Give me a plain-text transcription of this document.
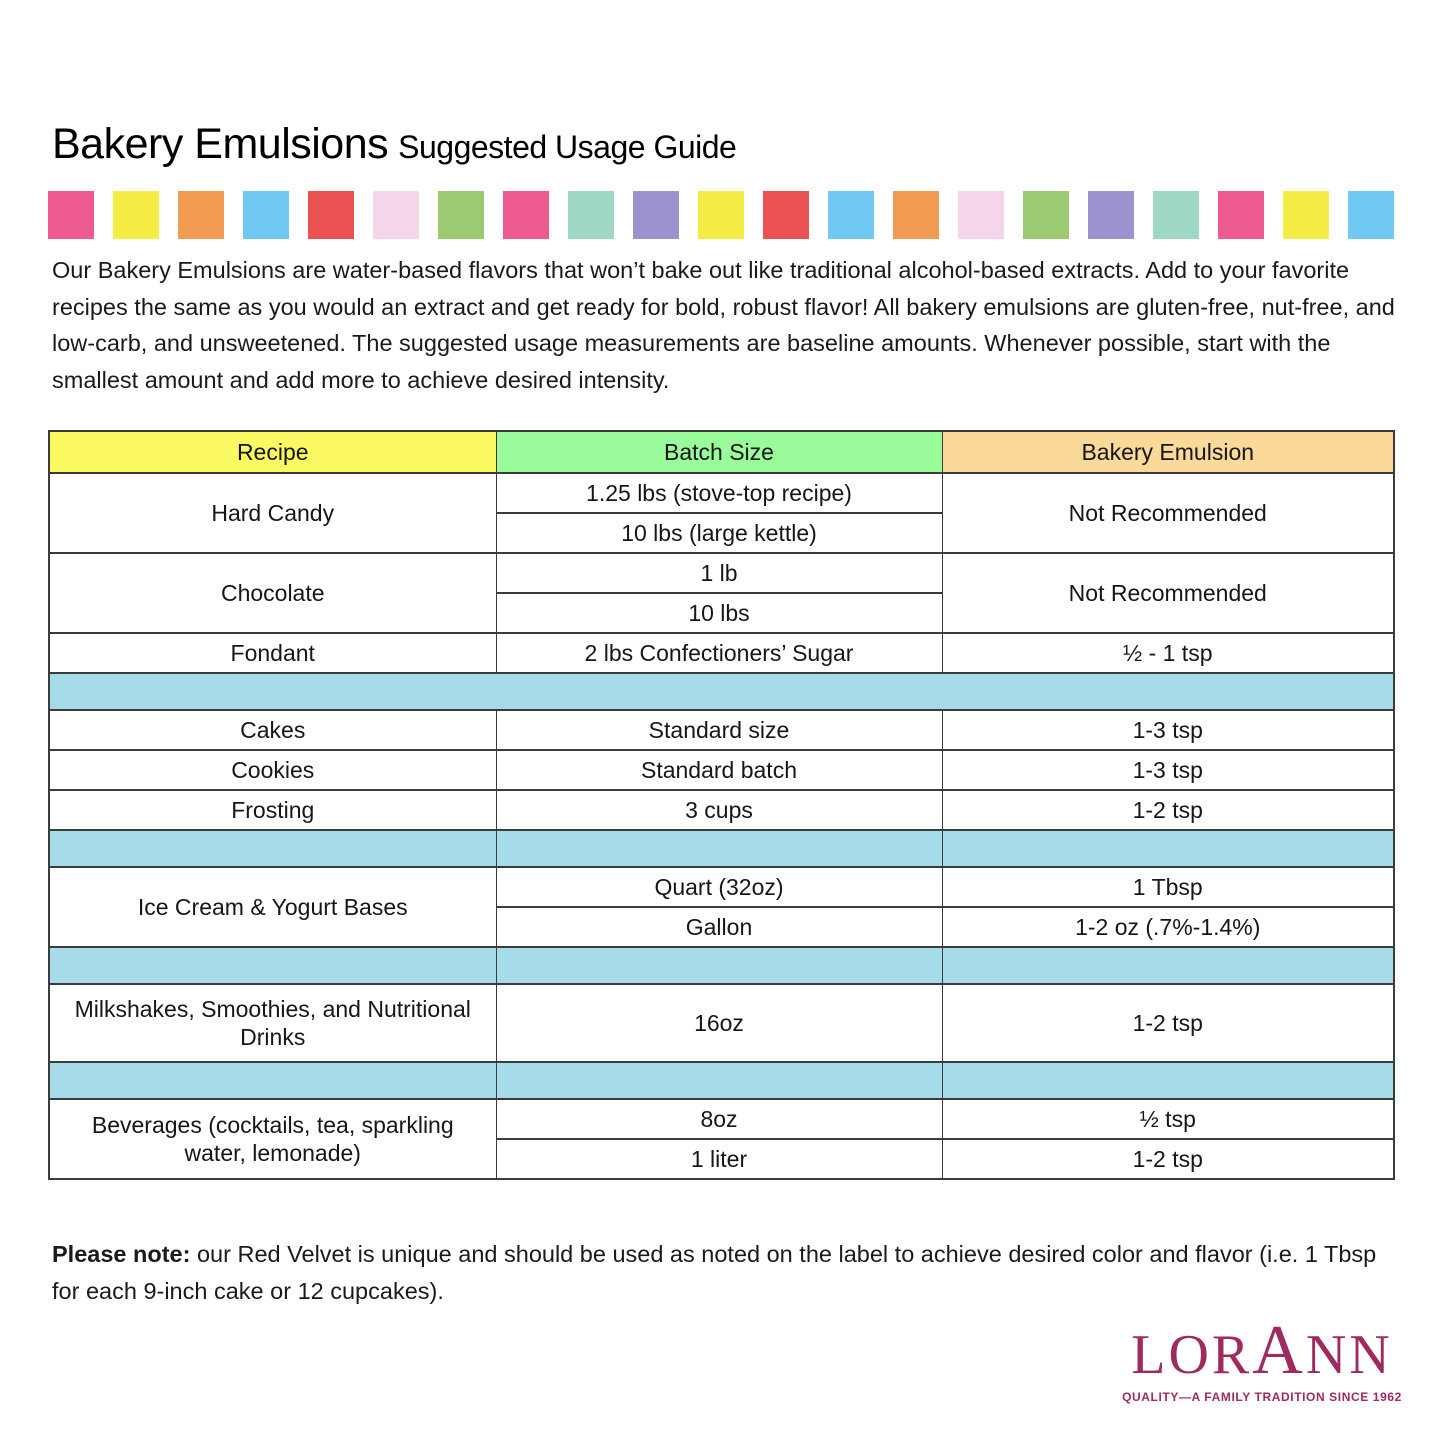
Bakery Emulsions Suggested Usage Guide
Our Bakery Emulsions are water-based flavors that won’t bake out like traditional alcohol-based extracts. Add to your favorite recipes the same as you would an extract and get ready for bold, robust flavor! All bakery emulsions are gluten-free, nut-free, and low-carb, and unsweetened. The suggested usage measurements are baseline amounts. Whenever possible, start with the smallest amount and add more to achieve desired intensity.
Recipe	Batch Size	Bakery Emulsion
Hard Candy	1.25 lbs (stove-top recipe)	Not Recommended
	10 lbs (large kettle)	
Chocolate	1 lb	Not Recommended
	10 lbs	
Fondant	2 lbs Confectioners’ Sugar	½ - 1 tsp

Cakes	Standard size	1-3 tsp
Cookies	Standard batch	1-3 tsp
Frosting	3 cups	1-2 tsp

Ice Cream & Yogurt Bases	Quart (32oz)	1 Tbsp
	Gallon	1-2 oz (.7%-1.4%)

Milkshakes, Smoothies, and Nutritional Drinks	16oz	1-2 tsp

Beverages (cocktails, tea, sparkling water, lemonade)	8oz	½ tsp
	1 liter	1-2 tsp
Please note: our Red Velvet is unique and should be used as noted on the label to achieve desired color and flavor (i.e. 1 Tbsp for each 9-inch cake or 12 cupcakes).
LORANN
QUALITY—A FAMILY TRADITION SINCE 1962
